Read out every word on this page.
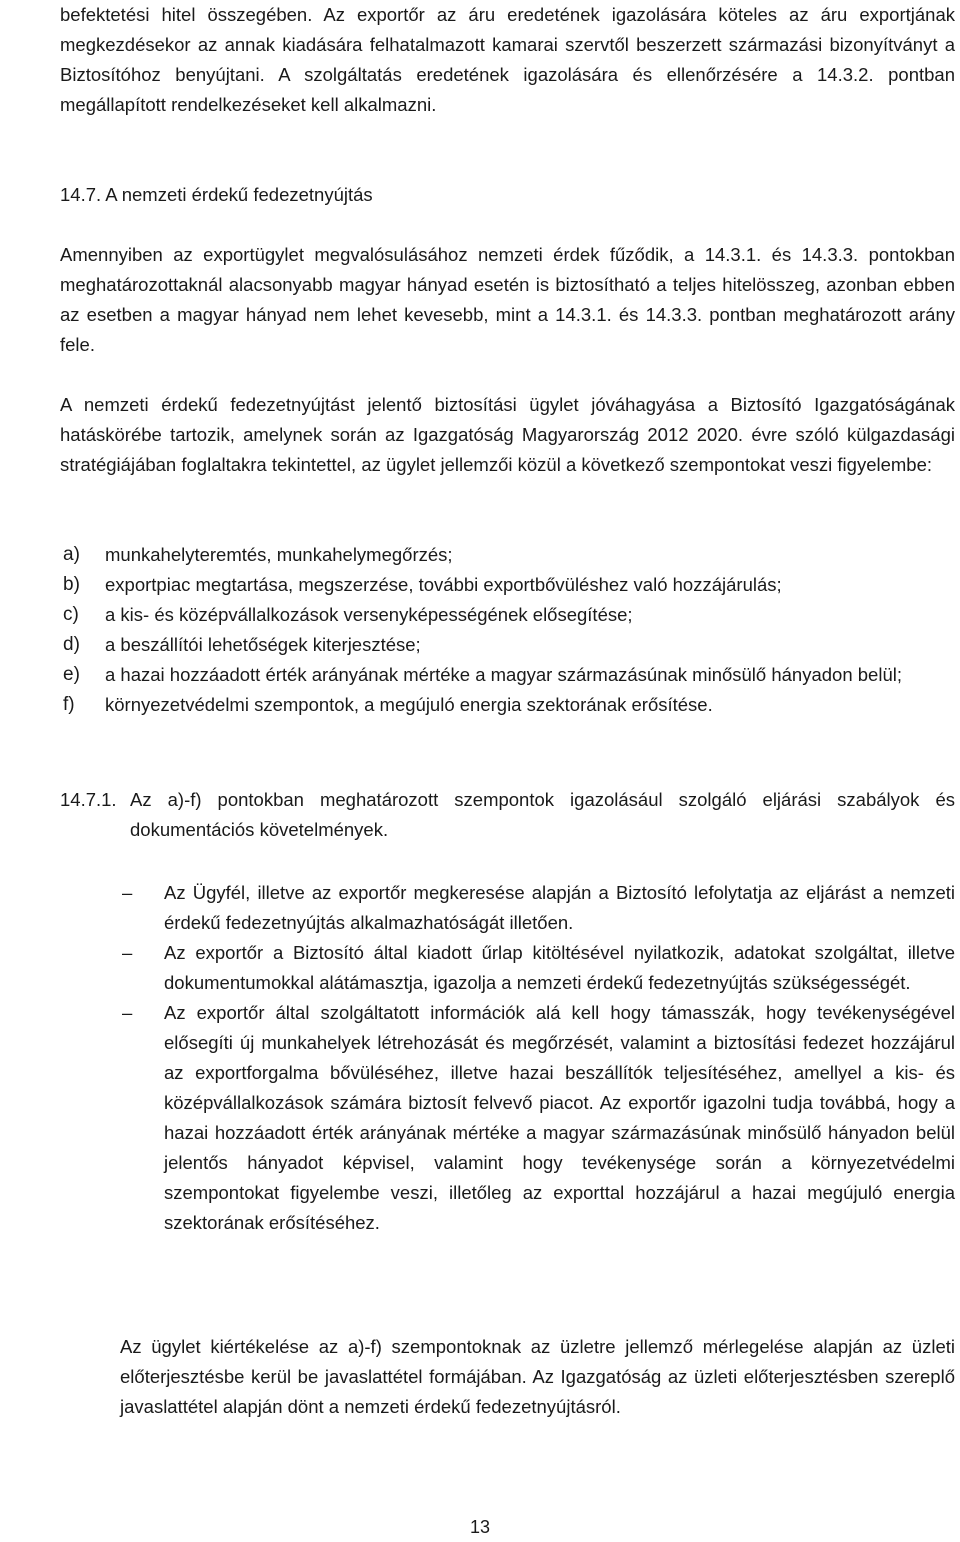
befektetési hitel összegében. Az exportőr az áru eredetének igazolására köteles az áru exportjának megkezdésekor az annak kiadására felhatalmazott kamarai szervtől beszerzett származási bizonyítványt a Biztosítóhoz benyújtani. A szolgáltatás eredetének igazolására és ellenőrzésére a 14.3.2. pontban megállapított rendelkezéseket kell alkalmazni.

14.7. A nemzeti érdekű fedezetnyújtás

Amennyiben az exportügylet megvalósulásához nemzeti érdek fűződik, a 14.3.1. és 14.3.3. pontokban meghatározottaknál alacsonyabb magyar hányad esetén is biztosítható a teljes hitelösszeg, azonban ebben az esetben a magyar hányad nem lehet kevesebb, mint a 14.3.1. és 14.3.3. pontban meghatározott arány fele.

A nemzeti érdekű fedezetnyújtást jelentő biztosítási ügylet jóváhagyása a Biztosító Igazgatóságának hatáskörébe tartozik, amelynek során az Igazgatóság Magyarország 2012 2020. évre szóló külgazdasági stratégiájában foglaltakra tekintettel, az ügylet jellemzői közül a következő szempontokat veszi figyelembe:

a) munkahelyteremtés, munkahelymegőrzés;
b) exportpiac megtartása, megszerzése, további exportbővüléshez való hozzájárulás;
c) a kis- és középvállalkozások versenyképességének elősegítése;
d) a beszállítói lehetőségek kiterjesztése;
e) a hazai hozzáadott érték arányának mértéke a magyar származásúnak minősülő hányadon belül;
f) környezetvédelmi szempontok, a megújuló energia szektorának erősítése.
14.7.1. Az a)-f) pontokban meghatározott szempontok igazolásául szolgáló eljárási szabályok és dokumentációs követelmények.
– Az Ügyfél, illetve az exportőr megkeresése alapján a Biztosító lefolytatja az eljárást a nemzeti érdekű fedezetnyújtás alkalmazhatóságát illetően.
– Az exportőr a Biztosító által kiadott űrlap kitöltésével nyilatkozik, adatokat szolgáltat, illetve dokumentumokkal alátámasztja, igazolja a nemzeti érdekű fedezetnyújtás szükségességét.
– Az exportőr által szolgáltatott információk alá kell hogy támasszák, hogy tevékenységével elősegíti új munkahelyek létrehozását és megőrzését, valamint a biztosítási fedezet hozzájárul az exportforgalma bővüléséhez, illetve hazai beszállítók teljesítéséhez, amellyel a kis- és középvállalkozások számára biztosít felvevő piacot. Az exportőr igazolni tudja továbbá, hogy a hazai hozzáadott érték arányának mértéke a magyar származásúnak minősülő hányadon belül jelentős hányadot képvisel, valamint hogy tevékenysége során a környezetvédelmi szempontokat figyelembe veszi, illetőleg az exporttal hozzájárul a hazai megújuló energia szektorának erősítéséhez.

Az ügylet kiértékelése az a)-f) szempontoknak az üzletre jellemző mérlegelése alapján az üzleti előterjesztésbe kerül be javaslattétel formájában. Az Igazgatóság az üzleti előterjesztésben szereplő javaslattétel alapján dönt a nemzeti érdekű fedezetnyújtásról.

13
